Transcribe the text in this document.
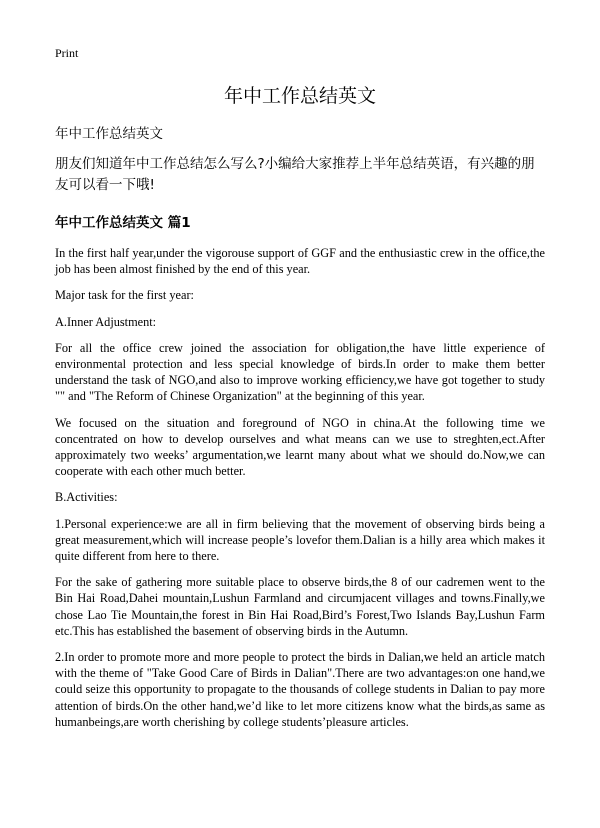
Print
年中工作总结英文
年中工作总结英文
朋友们知道年中工作总结怎么写么?小编给大家推荐上半年总结英语，有兴趣的朋友可以看一下哦!
年中工作总结英文 篇1

In the first half year,under the vigorouse support of GGF and the enthusiastic crew in the office,the job has been almost finished by the end of this year.

Major task for the first year:

A.Inner Adjustment:

For all the office crew joined the association for obligation,the have little experience of environmental protection and less special knowledge of birds.In order to make them better understand the task of NGO,and also to improve working efficiency,we have got together to study "" and "The Reform of Chinese Organization" at the beginning of this year.

We focused on the situation and foreground of NGO in china.At the following time we concentrated on how to develop ourselves and what means can we use to streghten,ect.After approximately two weeks’ argumentation,we learnt many about what we should do.Now,we can cooperate with each other much better.

B.Activities:

1.Personal experience:we are all in firm believing that the movement of observing birds being a great measurement,which will increase people’s lovefor them.Dalian is a hilly area which makes it quite different from here to there.

For the sake of gathering more suitable place to observe birds,the 8 of our cadremen went to the Bin Hai Road,Dahei mountain,Lushun Farmland and circumjacent villages and towns.Finally,we chose Lao Tie Mountain,the forest in Bin Hai Road,Bird’s Forest,Two Islands Bay,Lushun Farm etc.This has established the basement of observing birds in the Autumn.

2.In order to promote more and more people to protect the birds in Dalian,we held an article match with the theme of "Take Good Care of Birds in Dalian".There are two advantages:on one hand,we could seize this opportunity to propagate to the thousands of college students in Dalian to pay more attention of birds.On the other hand,we’d like to let more citizens know what the birds,as same as humanbeings,are worth cherishing by college students’pleasure articles.
